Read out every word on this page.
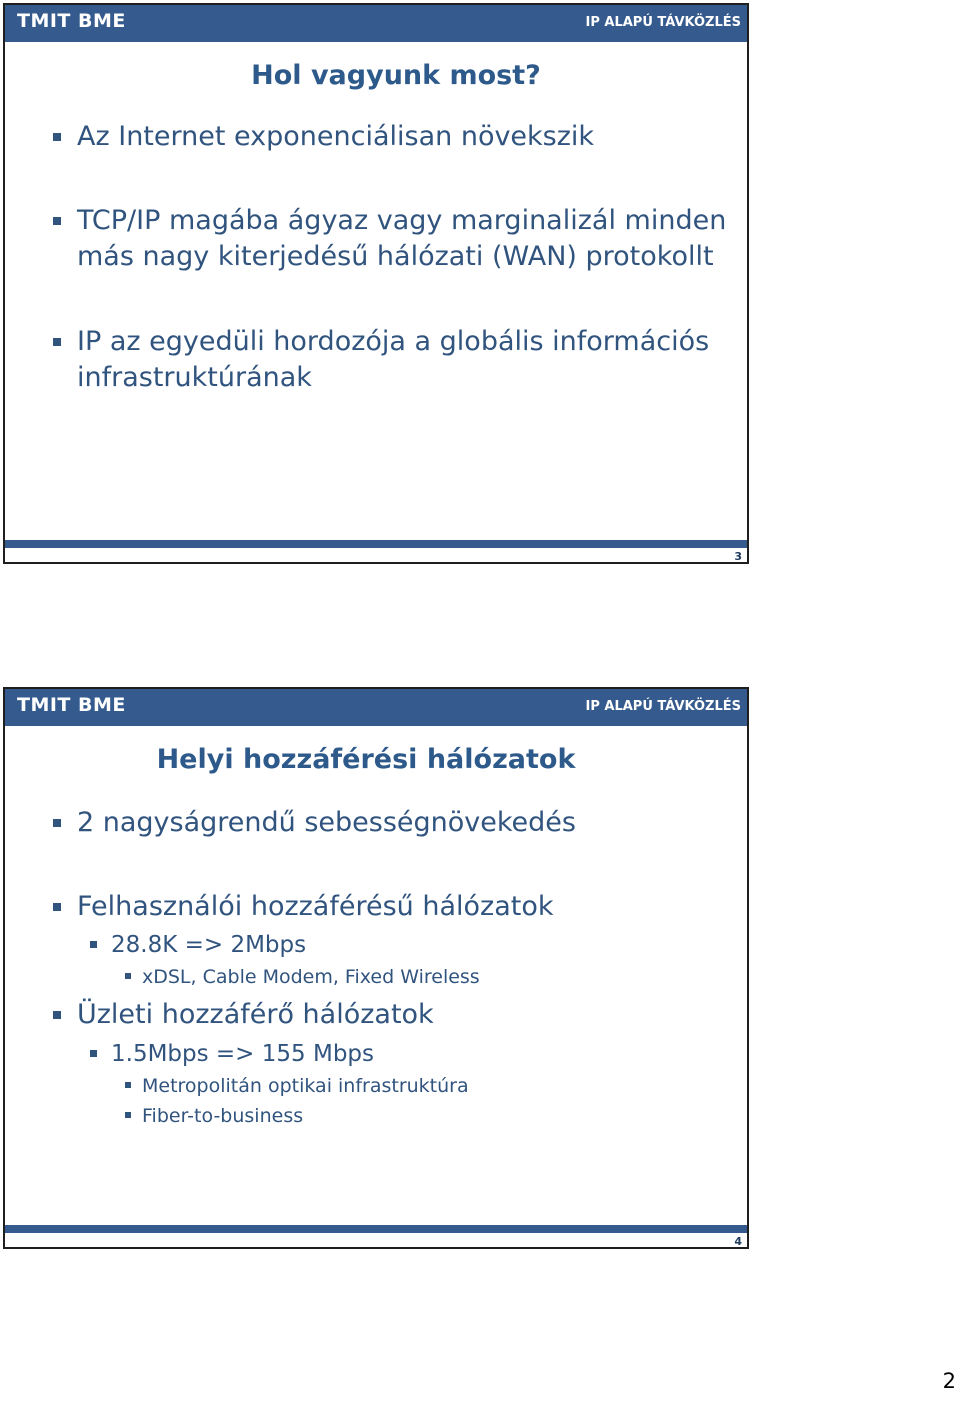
TMIT BME	IP ALAPÚ TÁVKÖZLÉS
Hol vagyunk most?
Az Internet exponenciálisan növekszik
TCP/IP magába ágyaz vagy marginalizál minden
más nagy kiterjedésű hálózati (WAN) protokollt
IP az egyedüli hordozója a globális információs
infrastruktúrának
3
TMIT BME	IP ALAPÚ TÁVKÖZLÉS
Helyi hozzáférési hálózatok
2 nagyságrendű sebességnövekedés
Felhasználói hozzáférésű hálózatok
28.8K => 2Mbps
xDSL, Cable Modem, Fixed Wireless
Üzleti hozzáférő hálózatok
1.5Mbps => 155 Mbps
Metropolitán optikai infrastruktúra
Fiber-to-business
4
2
